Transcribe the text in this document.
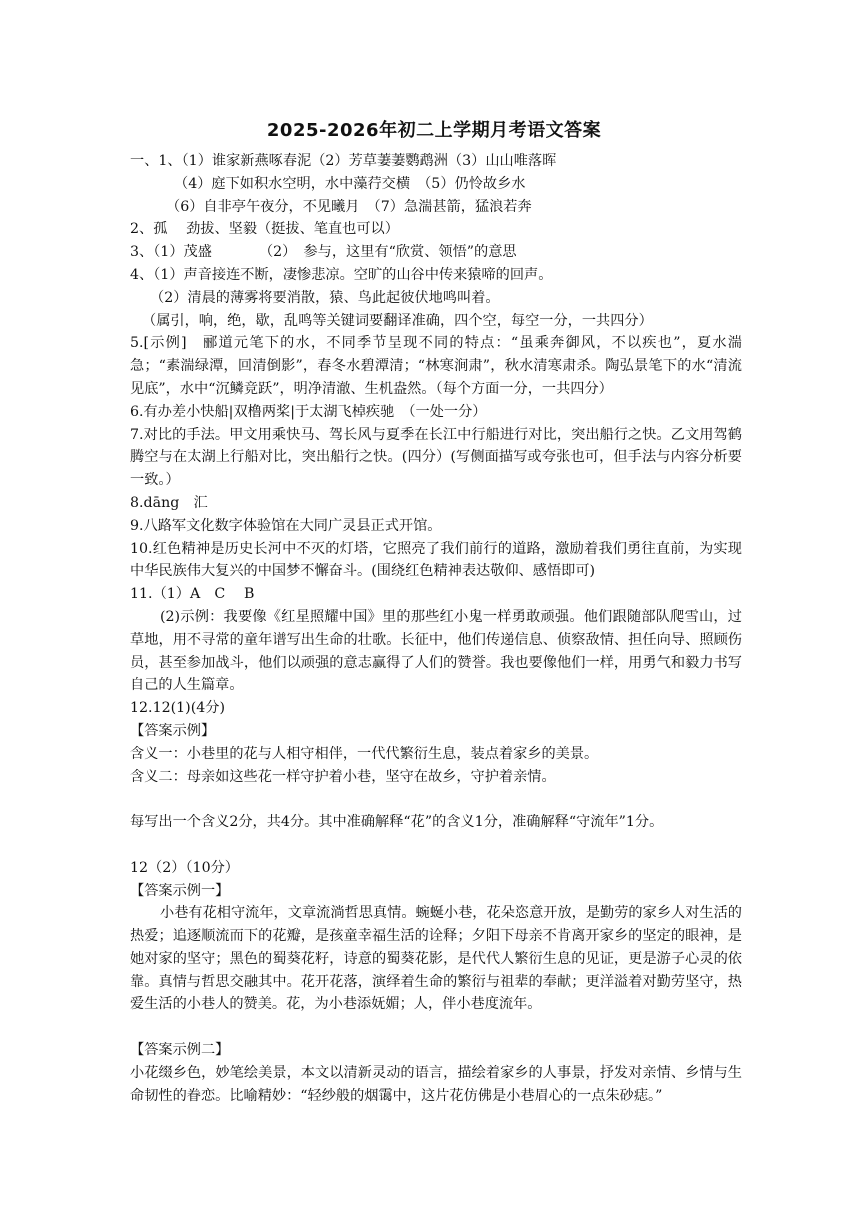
2025-2026年初二上学期月考语文答案
一、1、（1）谁家新燕啄春泥（2）芳草萋萋鹦鹉洲（3）山山唯落晖
（4）庭下如积水空明，水中藻荇交横　（5）仍怜故乡水
（6）自非亭午夜分，不见曦月　（7）急湍甚箭，猛浪若奔
2、孤　 劲拔、坚毅（挺拔、笔直也可以）
3、（1）茂盛　　　 （2）　参与，这里有“欣赏、领悟”的意思
4、（1）声音接连不断，凄惨悲凉。空旷的山谷中传来猿啼的回声。
（2）清晨的薄雾将要消散，猿、鸟此起彼伏地鸣叫着。
（属引，响，绝，歇，乱鸣等关键词要翻译准确，四个空，每空一分，一共四分）
5.[示例]　郦道元笔下的水，不同季节呈现不同的特点：“虽乘奔御风，不以疾也”，夏水湍急；“素湍绿潭，回清倒影”，春冬水碧潭清；“林寒涧肃”，秋水清寒肃杀。陶弘景笔下的水“清流见底”，水中“沉鳞竞跃”，明净清澈、生机盎然。（每个方面一分，一共四分）
6.有办差小快船|双橹两桨|于太湖飞棹疾驰　（一处一分）
7.对比的手法。甲文用乘快马、驾长风与夏季在长江中行船进行对比，突出船行之快。乙文用驾鹤腾空与在太湖上行船对比，突出船行之快。(四分）(写侧面描写或夸张也可，但手法与内容分析要一致。）
8.dāng　汇
9.八路军文化数字体验馆在大同广灵县正式开馆。
10.红色精神是历史长河中不灭的灯塔，它照亮了我们前行的道路，激励着我们勇往直前，为实现中华民族伟大复兴的中国梦不懈奋斗。(围绕红色精神表达敬仰、感悟即可)
11.（1）A　C　 B
(2)示例：我要像《红星照耀中国》里的那些红小鬼一样勇敢顽强。他们跟随部队爬雪山，过草地，用不寻常的童年谱写出生命的壮歌。长征中，他们传递信息、侦察敌情、担任向导、照顾伤员，甚至参加战斗，他们以顽强的意志赢得了人们的赞誉。我也要像他们一样，用勇气和毅力书写自己的人生篇章。
12.12(1)(4分)
【答案示例】
含义一：小巷里的花与人相守相伴，一代代繁衍生息，装点着家乡的美景。
含义二：母亲如这些花一样守护着小巷，坚守在故乡，守护着亲情。
每写出一个含义2分，共4分。其中准确解释“花”的含义1分，准确解释“守流年”1分。
12（2）（10分）
【答案示例一】
小巷有花相守流年，文章流淌哲思真情。蜿蜒小巷，花朵恣意开放，是勤劳的家乡人对生活的热爱；追逐顺流而下的花瓣，是孩童幸福生活的诠释；夕阳下母亲不肯离开家乡的坚定的眼神，是她对家的坚守；黑色的蜀葵花籽，诗意的蜀葵花影，是代代人繁衍生息的见证，更是游子心灵的依靠。真情与哲思交融其中。花开花落，演绎着生命的繁衍与祖辈的奉献；更洋溢着对勤劳坚守，热爱生活的小巷人的赞美。花，为小巷添妩媚；人，伴小巷度流年。
【答案示例二】
小花缀乡色，妙笔绘美景，本文以清新灵动的语言，描绘着家乡的人事景，抒发对亲情、乡情与生命韧性的眷恋。比喻精妙：“轻纱般的烟霭中，这片花仿佛是小巷眉心的一点朱砂痣。”
